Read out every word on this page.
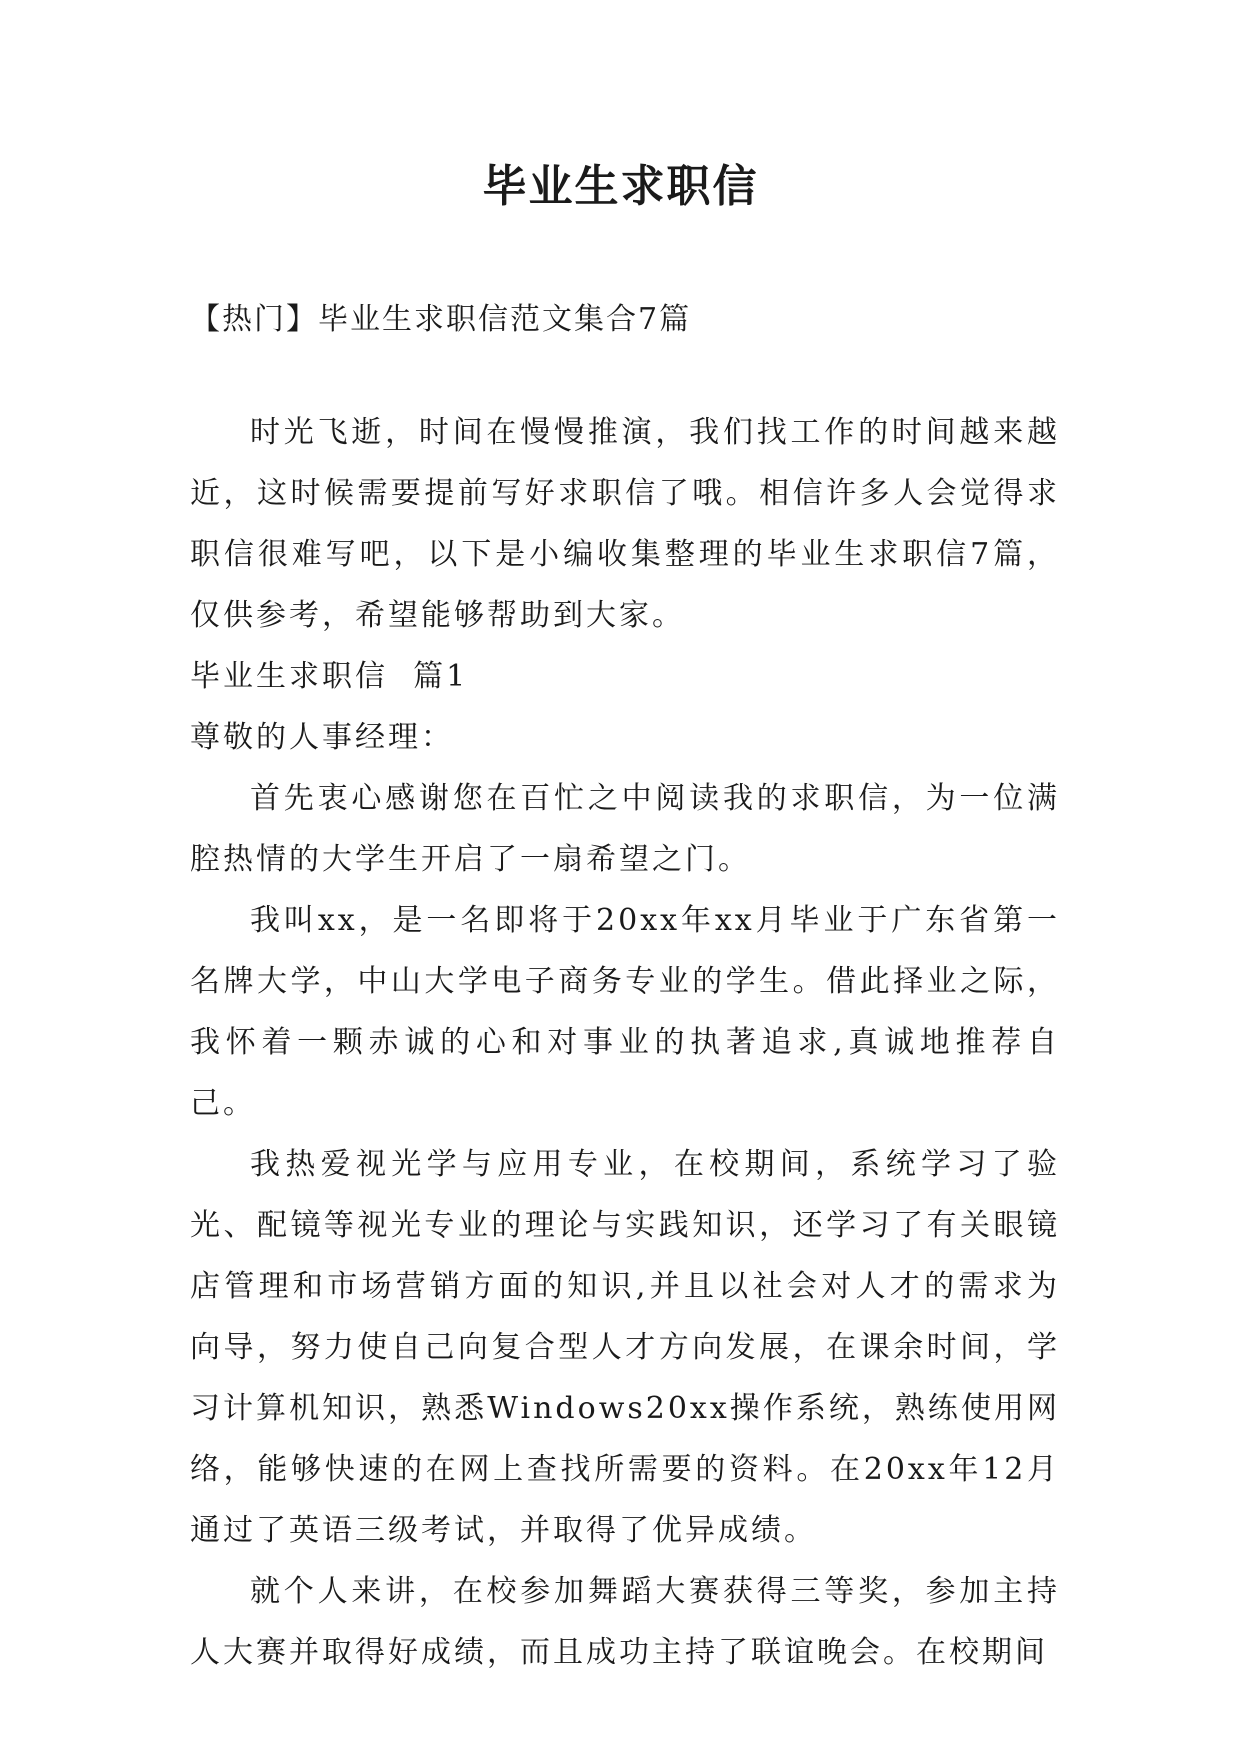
毕业生求职信
【热门】毕业生求职信范文集合7篇

时光飞逝，时间在慢慢推演，我们找工作的时间越来越近，这时候需要提前写好求职信了哦。相信许多人会觉得求职信很难写吧，以下是小编收集整理的毕业生求职信7篇，仅供参考，希望能够帮助到大家。

毕业生求职信  篇1

尊敬的人事经理：

首先衷心感谢您在百忙之中阅读我的求职信，为一位满腔热情的大学生开启了一扇希望之门。

我叫xx，是一名即将于20xx年xx月毕业于广东省第一名牌大学，中山大学电子商务专业的学生。借此择业之际，我怀着一颗赤诚的心和对事业的执著追求,真诚地推荐自己。

我热爱视光学与应用专业，在校期间，系统学习了验光、配镜等视光专业的理论与实践知识，还学习了有关眼镜店管理和市场营销方面的知识,并且以社会对人才的需求为向导，努力使自己向复合型人才方向发展，在课余时间，学习计算机知识，熟悉Windows20xx操作系统，熟练使用网络，能够快速的在网上查找所需要的资料。在20xx年12月通过了英语三级考试，并取得了优异成绩。

就个人来讲，在校参加舞蹈大赛获得三等奖，参加主持人大赛并取得好成绩，而且成功主持了联谊晚会。在校期间
